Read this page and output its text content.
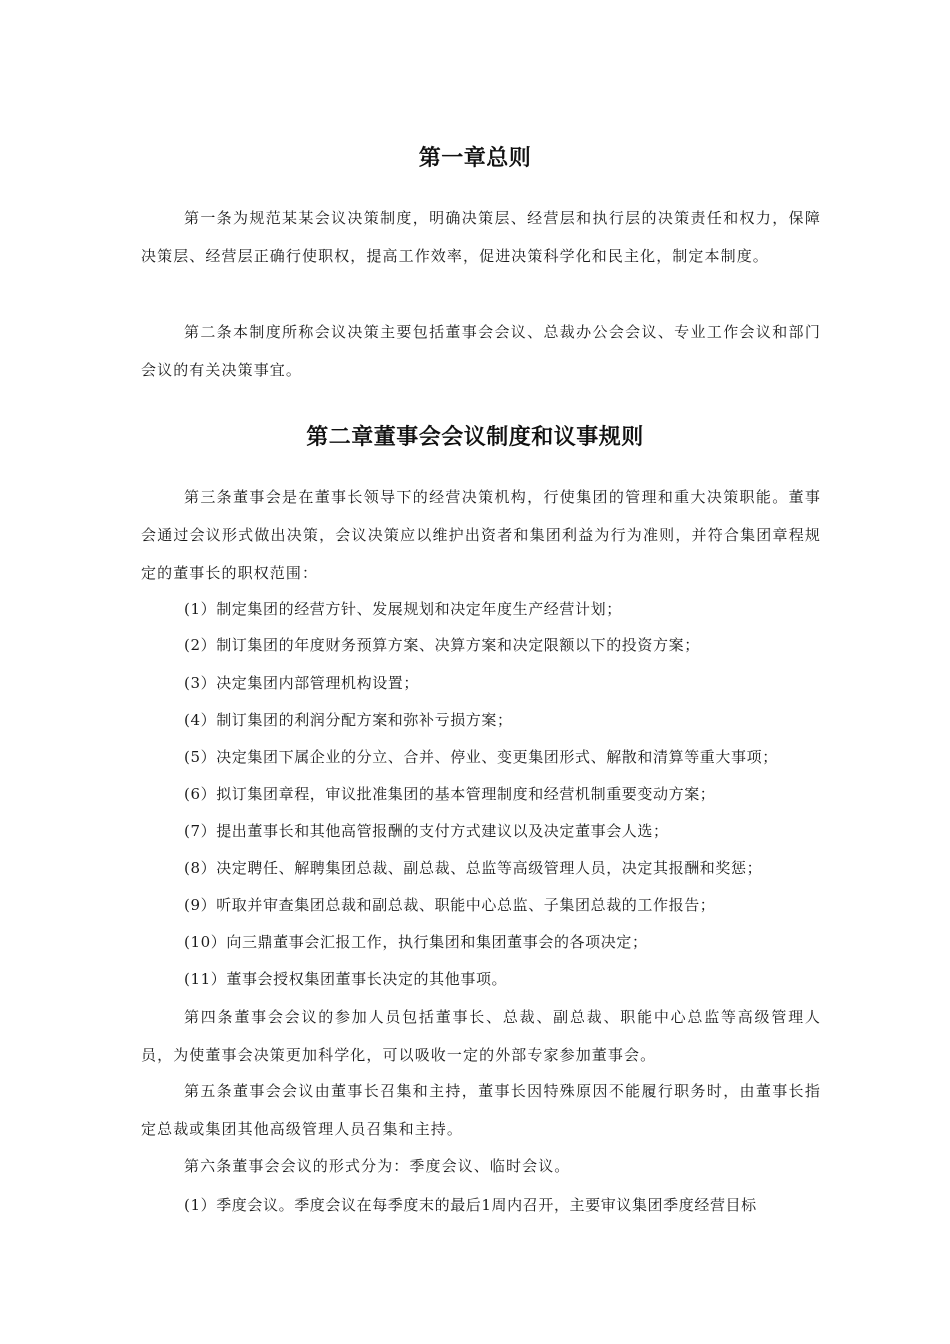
第一章总则

第一条为规范某某会议决策制度，明确决策层、经营层和执行层的决策责任和权力，保障决策层、经营层正确行使职权，提高工作效率，促进决策科学化和民主化，制定本制度。

第二条本制度所称会议决策主要包括董事会会议、总裁办公会会议、专业工作会议和部门会议的有关决策事宜。

第二章董事会会议制度和议事规则

第三条董事会是在董事长领导下的经营决策机构，行使集团的管理和重大决策职能。董事会通过会议形式做出决策，会议决策应以维护出资者和集团利益为行为准则，并符合集团章程规定的董事长的职权范围：

(1）制定集团的经营方针、发展规划和决定年度生产经营计划；
(2）制订集团的年度财务预算方案、决算方案和决定限额以下的投资方案；
(3）决定集团内部管理机构设置；
(4）制订集团的利润分配方案和弥补亏损方案；
(5）决定集团下属企业的分立、合并、停业、变更集团形式、解散和清算等重大事项；
(6）拟订集团章程，审议批准集团的基本管理制度和经营机制重要变动方案；
(7）提出董事长和其他高管报酬的支付方式建议以及决定董事会人选；
(8）决定聘任、解聘集团总裁、副总裁、总监等高级管理人员，决定其报酬和奖惩；
(9）听取并审查集团总裁和副总裁、职能中心总监、子集团总裁的工作报告；
(10）向三鼎董事会汇报工作，执行集团和集团董事会的各项决定；
(11）董事会授权集团董事长决定的其他事项。

第四条董事会会议的参加人员包括董事长、总裁、副总裁、职能中心总监等高级管理人员，为使董事会决策更加科学化，可以吸收一定的外部专家参加董事会。

第五条董事会会议由董事长召集和主持，董事长因特殊原因不能履行职务时，由董事长指定总裁或集团其他高级管理人员召集和主持。

第六条董事会会议的形式分为：季度会议、临时会议。

(1）季度会议。季度会议在每季度末的最后1周内召开，主要审议集团季度经营目标
